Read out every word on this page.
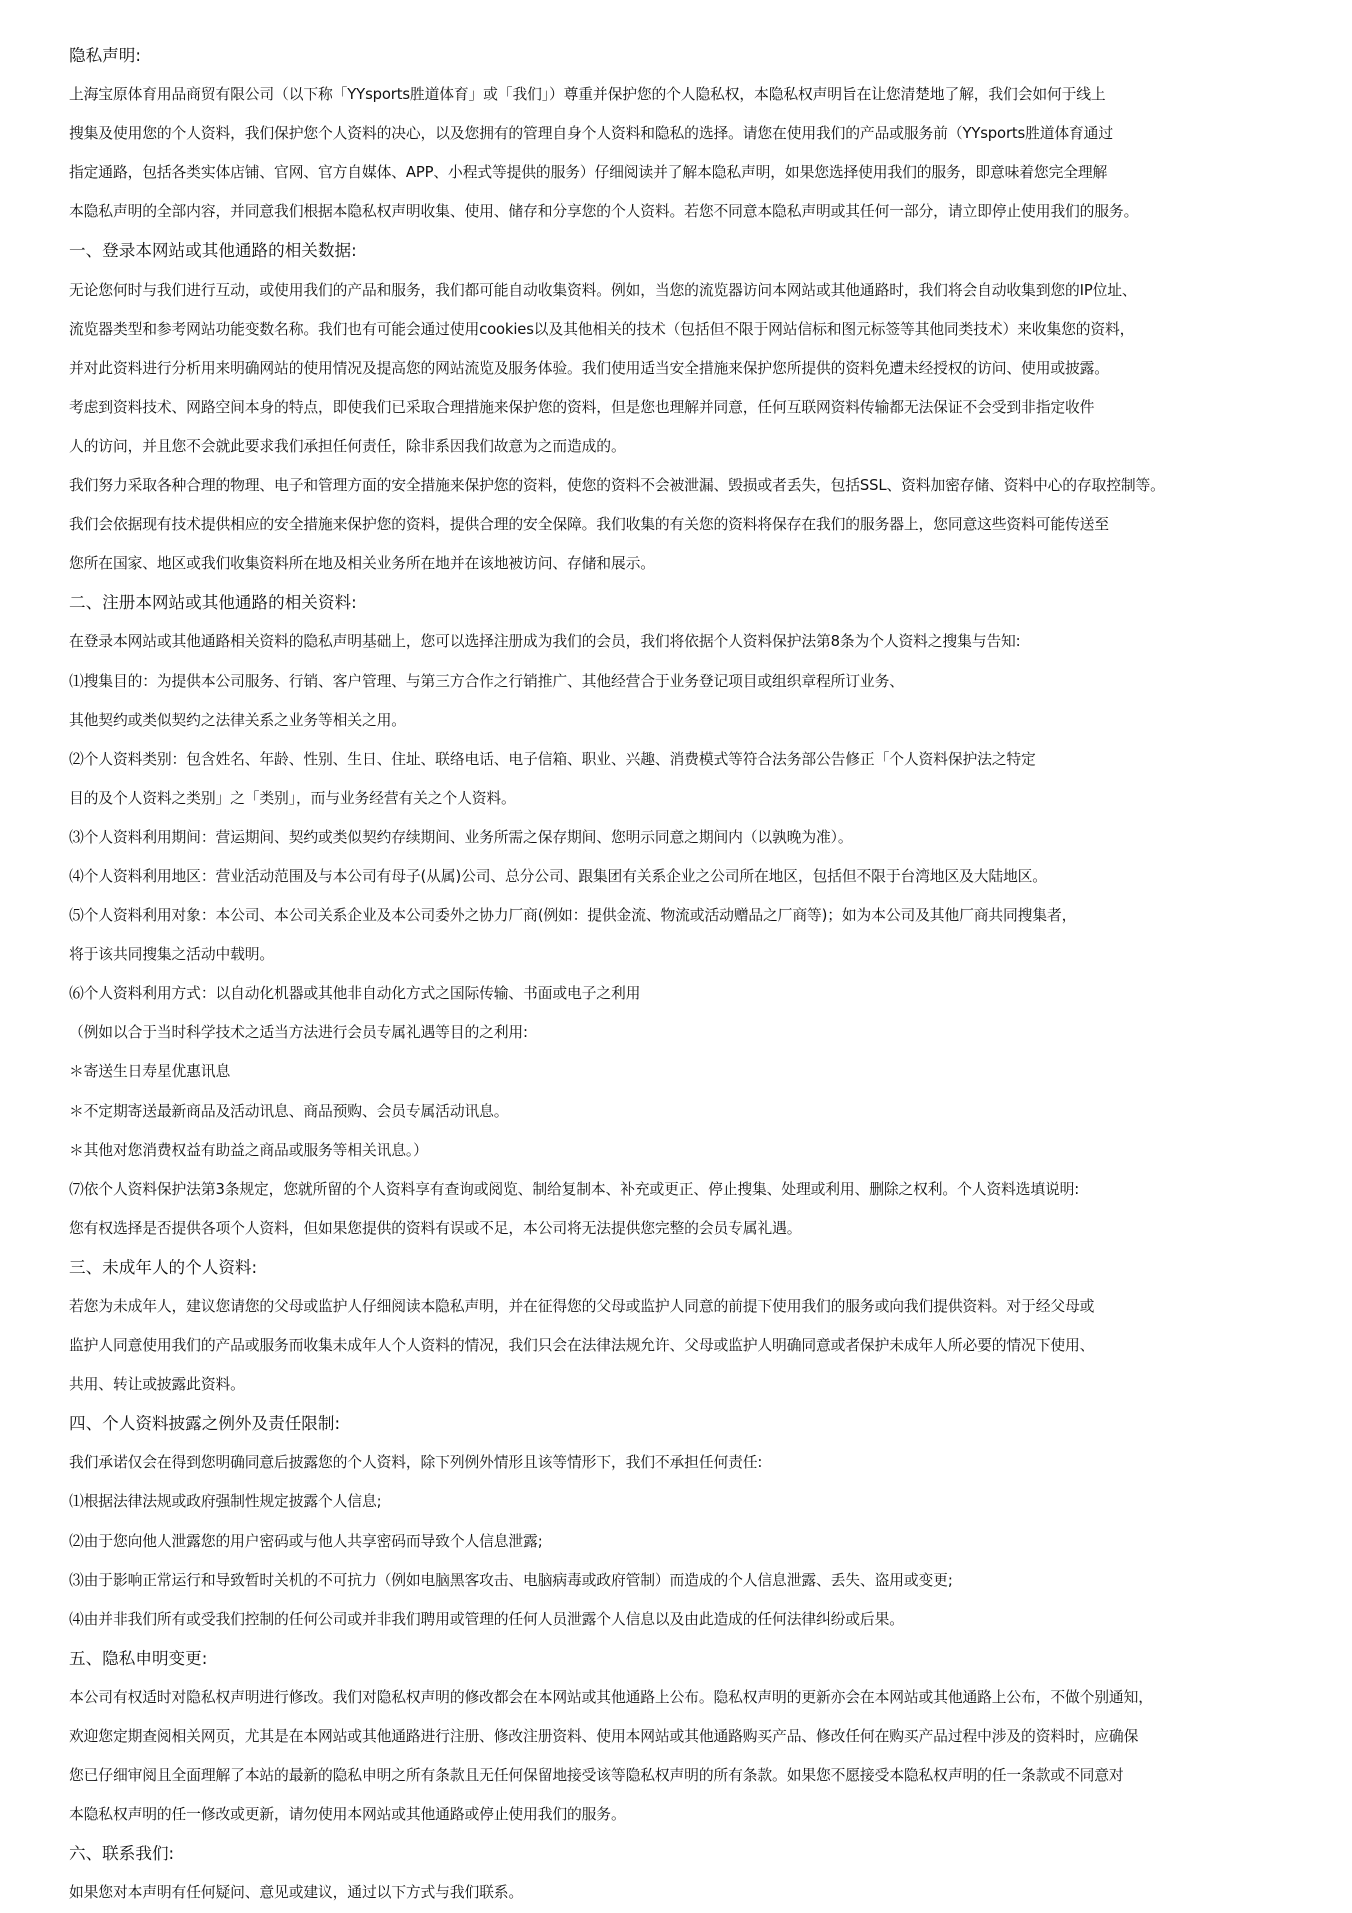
隐私声明:
上海宝原体育用品商贸有限公司（以下称「YYsports胜道体育」或「我们」）尊重并保护您的个人隐私权，本隐私权声明旨在让您清楚地了解，我们会如何于线上
搜集及使用您的个人资料，我们保护您个人资料的决心，以及您拥有的管理自身个人资料和隐私的选择。请您在使用我们的产品或服务前（YYsports胜道体育通过
指定通路，包括各类实体店铺、官网、官方自媒体、APP、小程式等提供的服务）仔细阅读并了解本隐私声明，如果您选择使用我们的服务，即意味着您完全理解
本隐私声明的全部内容，并同意我们根据本隐私权声明收集、使用、储存和分享您的个人资料。若您不同意本隐私声明或其任何一部分，请立即停止使用我们的服务。
一、登录本网站或其他通路的相关数据:
无论您何时与我们进行互动，或使用我们的产品和服务，我们都可能自动收集资料。例如，当您的流览器访问本网站或其他通路时，我们将会自动收集到您的IP位址、
流览器类型和参考网站功能变数名称。我们也有可能会通过使用cookies以及其他相关的技术（包括但不限于网站信标和图元标签等其他同类技术）来收集您的资料，
并对此资料进行分析用来明确网站的使用情况及提高您的网站流览及服务体验。我们使用适当安全措施来保护您所提供的资料免遭未经授权的访问、使用或披露。
考虑到资料技术、网路空间本身的特点，即使我们已采取合理措施来保护您的资料，但是您也理解并同意，任何互联网资料传输都无法保证不会受到非指定收件
人的访问，并且您不会就此要求我们承担任何责任，除非系因我们故意为之而造成的。
我们努力采取各种合理的物理、电子和管理方面的安全措施来保护您的资料，使您的资料不会被泄漏、毁损或者丢失，包括SSL、资料加密存储、资料中心的存取控制等。
我们会依据现有技术提供相应的安全措施来保护您的资料，提供合理的安全保障。我们收集的有关您的资料将保存在我们的服务器上，您同意这些资料可能传送至
您所在国家、地区或我们收集资料所在地及相关业务所在地并在该地被访问、存储和展示。
二、注册本网站或其他通路的相关资料:
在登录本网站或其他通路相关资料的隐私声明基础上，您可以选择注册成为我们的会员，我们将依据个人资料保护法第8条为个人资料之搜集与告知:
⑴搜集目的：为提供本公司服务、行销、客户管理、与第三方合作之行销推广、其他经营合于业务登记项目或组织章程所订业务、
其他契约或类似契约之法律关系之业务等相关之用。
⑵个人资料类别：包含姓名、年龄、性别、生日、住址、联络电话、电子信箱、职业、兴趣、消费模式等符合法务部公告修正「个人资料保护法之特定
目的及个人资料之类别」之「类别」，而与业务经营有关之个人资料。
⑶个人资料利用期间：营运期间、契约或类似契约存续期间、业务所需之保存期间、您明示同意之期间内（以孰晚为准）。
⑷个人资料利用地区：营业活动范围及与本公司有母子(从属)公司、总分公司、跟集团有关系企业之公司所在地区，包括但不限于台湾地区及大陆地区。
⑸个人资料利用对象：本公司、本公司关系企业及本公司委外之协力厂商(例如：提供金流、物流或活动赠品之厂商等)；如为本公司及其他厂商共同搜集者，
将于该共同搜集之活动中载明。
⑹个人资料利用方式：以自动化机器或其他非自动化方式之国际传输、书面或电子之利用
（例如以合于当时科学技术之适当方法进行会员专属礼遇等目的之利用:
＊寄送生日寿星优惠讯息
＊不定期寄送最新商品及活动讯息、商品预购、会员专属活动讯息。
＊其他对您消费权益有助益之商品或服务等相关讯息。）
⑺依个人资料保护法第3条规定，您就所留的个人资料享有查询或阅览、制给复制本、补充或更正、停止搜集、处理或利用、删除之权利。个人资料选填说明:
您有权选择是否提供各项个人资料，但如果您提供的资料有误或不足，本公司将无法提供您完整的会员专属礼遇。
三、未成年人的个人资料:
若您为未成年人，建议您请您的父母或监护人仔细阅读本隐私声明，并在征得您的父母或监护人同意的前提下使用我们的服务或向我们提供资料。对于经父母或
监护人同意使用我们的产品或服务而收集未成年人个人资料的情况，我们只会在法律法规允许、父母或监护人明确同意或者保护未成年人所必要的情况下使用、
共用、转让或披露此资料。
四、个人资料披露之例外及责任限制:
我们承诺仅会在得到您明确同意后披露您的个人资料，除下列例外情形且该等情形下，我们不承担任何责任:
⑴根据法律法规或政府强制性规定披露个人信息;
⑵由于您向他人泄露您的用户密码或与他人共享密码而导致个人信息泄露;
⑶由于影响正常运行和导致暂时关机的不可抗力（例如电脑黑客攻击、电脑病毒或政府管制）而造成的个人信息泄露、丢失、盗用或变更;
⑷由并非我们所有或受我们控制的任何公司或并非我们聘用或管理的任何人员泄露个人信息以及由此造成的任何法律纠纷或后果。
五、隐私申明变更:
本公司有权适时对隐私权声明进行修改。我们对隐私权声明的修改都会在本网站或其他通路上公布。隐私权声明的更新亦会在本网站或其他通路上公布，不做个别通知，
欢迎您定期查阅相关网页，尤其是在本网站或其他通路进行注册、修改注册资料、使用本网站或其他通路购买产品、修改任何在购买产品过程中涉及的资料时，应确保
您已仔细审阅且全面理解了本站的最新的隐私申明之所有条款且无任何保留地接受该等隐私权声明的所有条款。如果您不愿接受本隐私权声明的任一条款或不同意对
本隐私权声明的任一修改或更新，请勿使用本网站或其他通路或停止使用我们的服务。
六、联系我们:
如果您对本声明有任何疑问、意见或建议，通过以下方式与我们联系。
